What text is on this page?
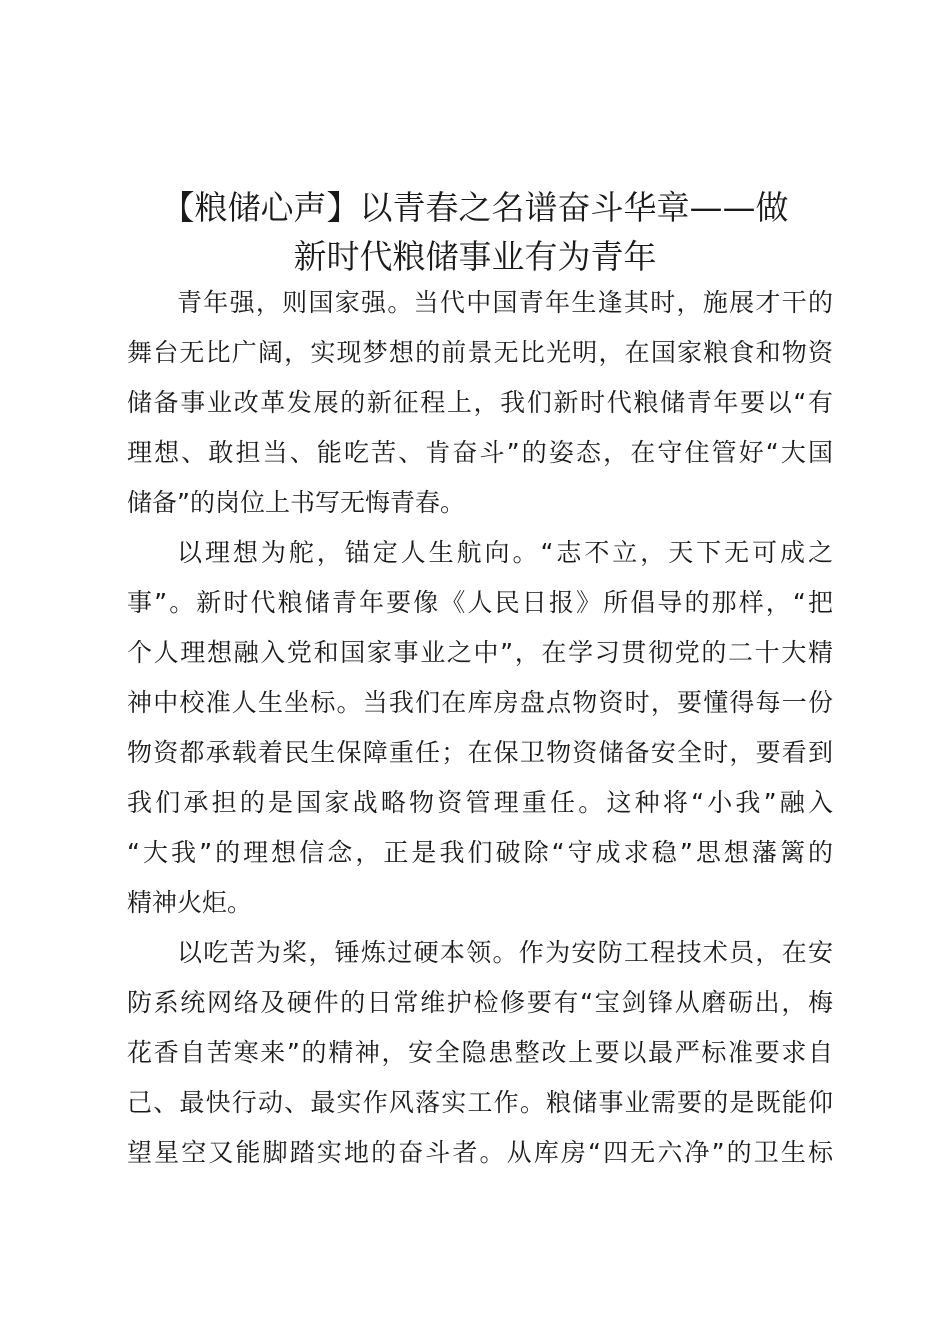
【粮储心声】以青春之名谱奋斗华章——做
新时代粮储事业有为青年
青年强，则国家强。当代中国青年生逢其时，施展才干的
舞台无比广阔，实现梦想的前景无比光明，在国家粮食和物资
储备事业改革发展的新征程上，我们新时代粮储青年要以“有
理想、敢担当、能吃苦、肯奋斗”的姿态，在守住管好“大国
储备”的岗位上书写无悔青春。
以理想为舵，锚定人生航向。“志不立，天下无可成之
事”。新时代粮储青年要像《人民日报》所倡导的那样，“把
个人理想融入党和国家事业之中”，在学习贯彻党的二十大精
神中校准人生坐标。当我们在库房盘点物资时，要懂得每一份
物资都承载着民生保障重任；在保卫物资储备安全时，要看到
我们承担的是国家战略物资管理重任。这种将“小我”融入
“大我”的理想信念，正是我们破除“守成求稳”思想藩篱的
精神火炬。
以吃苦为桨，锤炼过硬本领。作为安防工程技术员，在安
防系统网络及硬件的日常维护检修要有“宝剑锋从磨砺出，梅
花香自苦寒来”的精神，安全隐患整改上要以最严标准要求自
己、最快行动、最实作风落实工作。粮储事业需要的是既能仰
望星空又能脚踏实地的奋斗者。从库房“四无六净”的卫生标
